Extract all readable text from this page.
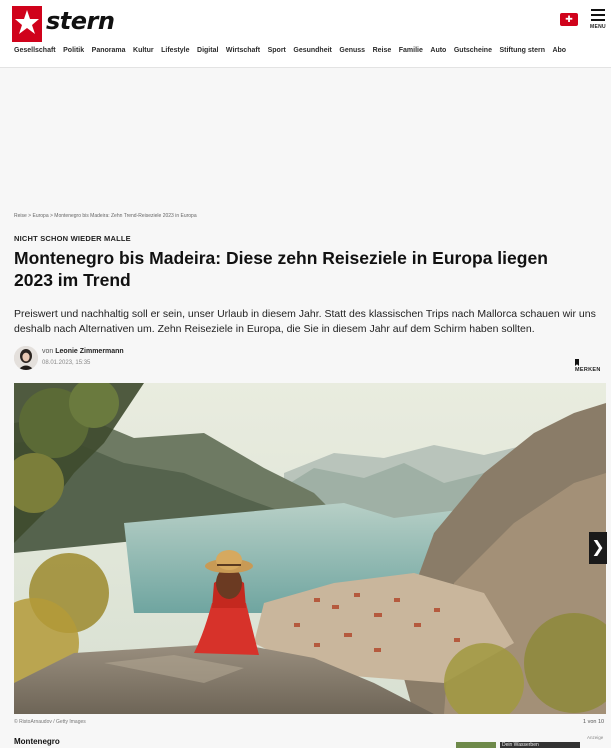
stern	✚
MENU
Gesellschaft Politik Panorama Kultur Lifestyle Digital Wirtschaft Sport Gesundheit Genuss Reise Familie Auto Gutscheine Stiftung stern Abo
Reise > Europa > Montenegro bis Madeira: Zehn Trend-Reiseziele 2023 in Europa
NICHT SCHON WIEDER MALLE
Montenegro bis Madeira: Diese zehn Reiseziele in Europa liegen 2023 im Trend

Preiswert und nachhaltig soll er sein, unser Urlaub in diesem Jahr. Statt des klassischen Trips nach Mallorca schauen wir uns deshalb nach Alternativen um. Zehn Reiseziele in Europa, die Sie in diesem Jahr auf dem Schirm haben sollten.

von Leonie Zimmermann
08.01.2023, 15:35
MERKEN
❯
© RistoArnaudov / Getty Images	1 von 10
Anzeige
Montenegro	Dein Wasserben
